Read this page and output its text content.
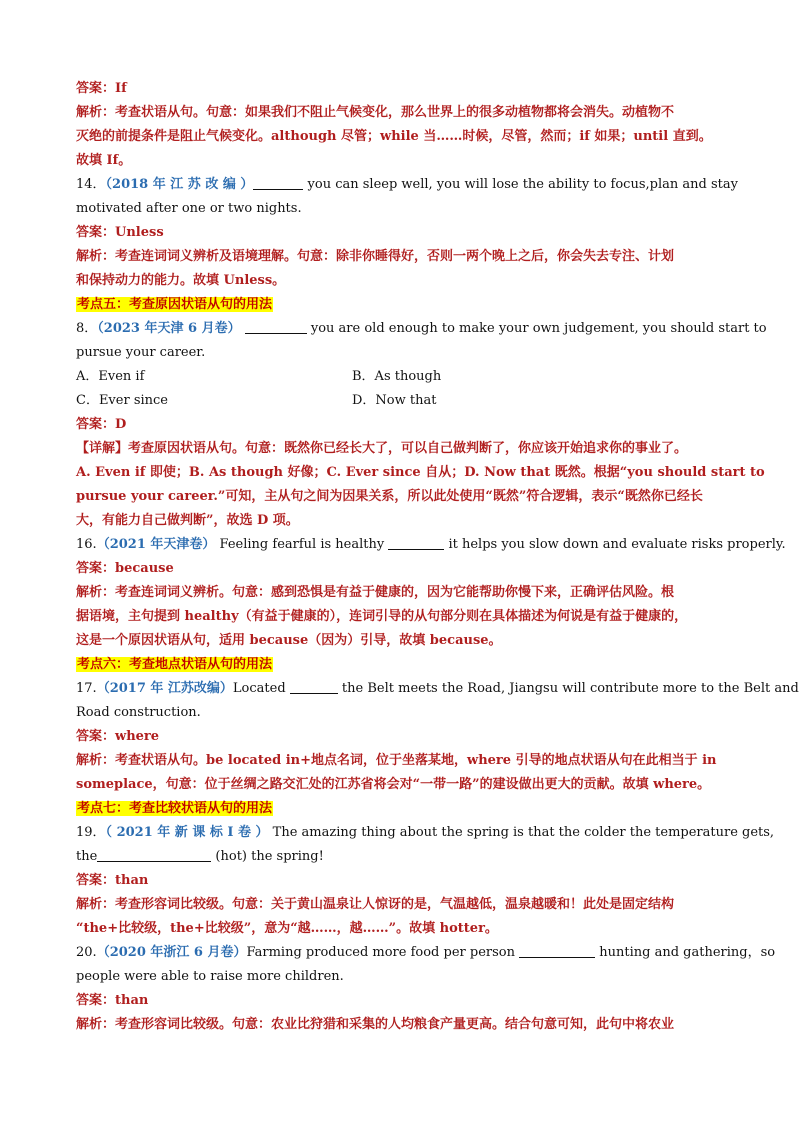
答案：If
解析：考查状语从句。句意：如果我们不阻止气候变化，那么世界上的很多动植物都将会消失。动植物不
灭绝的前提条件是阻止气候变化。although 尽管；while 当……时候，尽管，然而；if 如果；until 直到。
故填 If。
14．（2018 年 江 苏 改 编 ）	you can sleep well, you will lose the ability to focus,plan and stay
motivated after one or two nights.
答案：Unless
解析：考查连词词义辨析及语境理解。句意：除非你睡得好，否则一两个晚上之后，你会失去专注、计划
和保持动力的能力。故填 Unless。
考点五：考查原因状语从句的用法
8．（2023 年天津 6 月卷）	you are old enough to make your own judgement, you should start to
pursue your career.
A．Even if	B．As though
C．Ever since	D．Now that
答案：D
【详解】考查原因状语从句。句意：既然你已经长大了，可以自己做判断了，你应该开始追求你的事业了。
A. Even if 即使；B. As though 好像；C. Ever since 自从；D. Now that 既然。根据“you should start to
pursue your career.”可知，主从句之间为因果关系，所以此处使用“既然”符合逻辑，表示“既然你已经长
大，有能力自己做判断”，故选 D 项。
16.（2021 年天津卷） Feeling fearful is healthy	it helps you slow down and evaluate risks properly.
答案：because
解析：考查连词词义辨析。句意：感到恐惧是有益于健康的，因为它能帮助你慢下来，正确评估风险。根
据语境，主句提到 healthy（有益于健康的），连词引导的从句部分则在具体描述为何说是有益于健康的，
这是一个原因状语从句，适用 because（因为）引导，故填 because。
考点六：考查地点状语从句的用法
17.（2017 年 江苏改编）Located	the Belt meets the Road, Jiangsu will contribute more to the Belt and
Road construction.
答案：where
解析：考查状语从句。be located in+地点名词，位于坐落某地，where 引导的地点状语从句在此相当于 in
someplace，句意：位于丝绸之路交汇处的江苏省将会对“一带一路”的建设做出更大的贡献。故填 where。
考点七：考查比较状语从句的用法
19．（ 2021 年 新 课 标 Ⅰ 卷 ） The amazing thing about the spring is that the colder the temperature gets,
the	(hot) the spring!
答案：than
解析：考查形容词比较级。句意：关于黄山温泉让人惊讶的是，气温越低，温泉越暖和！此处是固定结构
“the+比较级，the+比较级”，意为“越……，越……”。故填 hotter。
20.（2020 年浙江 6 月卷）Farming produced more food per person	hunting and gathering，so
people were able to raise more children.
答案：than
解析：考查形容词比较级。句意：农业比狩猎和采集的人均粮食产量更高。结合句意可知，此句中将农业
